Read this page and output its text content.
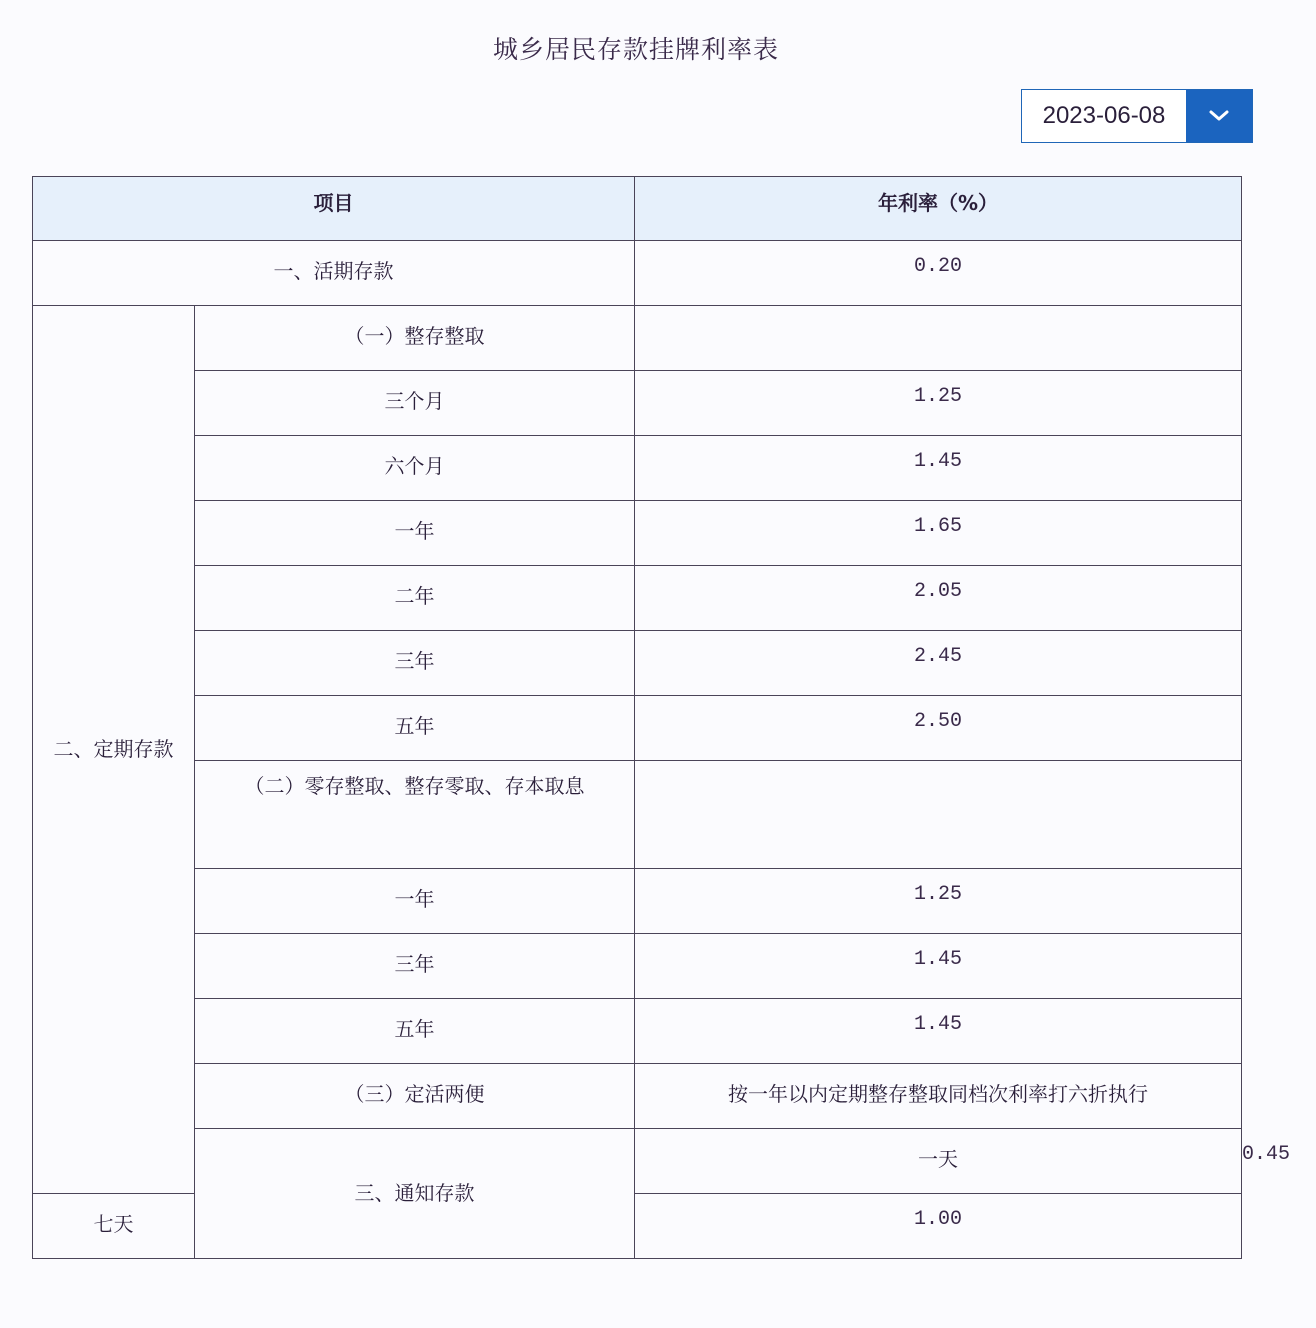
城乡居民存款挂牌利率表
2023-06-08
项目		年利率（%）	
一、活期存款		0.20	
二、定期存款	（一）整存整取		
	三个月	1.25	
	六个月	1.45	
	一年	1.65	
	二年	2.05	
	三年	2.45	
	五年	2.50	
	（二）零存整取、整存零取、存本取息		
	一年	1.25	
	三年	1.45	
	五年	1.45	
	（三）定活两便	按一年以内定期整存整取同档次利率打六折执行	
	三、通知存款	一天	0.45
七天		1.00	
